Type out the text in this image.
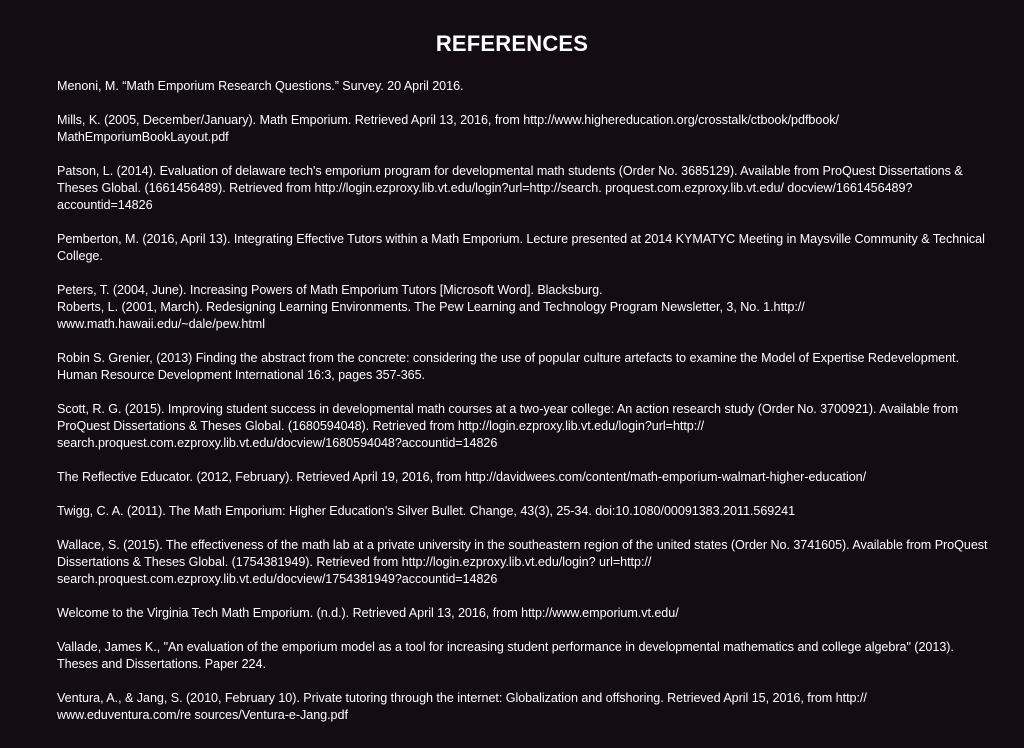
REFERENCES
Menoni, M. “Math Emporium Research Questions.” Survey. 20 April 2016.
Mills, K. (2005, December/January). Math Emporium. Retrieved April 13, 2016, from http://www.highereducation.org/crosstalk/ctbook/pdfbook/ MathEmporiumBookLayout.pdf
Patson, L. (2014). Evaluation of delaware tech's emporium program for developmental math students (Order No. 3685129). Available from ProQuest Dissertations & Theses Global. (1661456489). Retrieved from http://login.ezproxy.lib.vt.edu/login?url=http://search. proquest.com.ezproxy.lib.vt.edu/ docview/1661456489?accountid=14826
Pemberton, M. (2016, April 13). Integrating Effective Tutors within a Math Emporium. Lecture presented at 2014 KYMATYC Meeting in Maysville Community & Technical College.
Peters, T. (2004, June). Increasing Powers of Math Emporium Tutors [Microsoft Word]. Blacksburg.
Roberts, L. (2001, March). Redesigning Learning Environments. The Pew Learning and Technology Program Newsletter, 3, No. 1.http:// www.math.hawaii.edu/~dale/pew.html
Robin S. Grenier, (2013) Finding the abstract from the concrete: considering the use of popular culture artefacts to examine the Model of Expertise Redevelopment. Human Resource Development International 16:3, pages 357-365.
Scott, R. G. (2015). Improving student success in developmental math courses at a two-year college: An action research study (Order No. 3700921). Available from ProQuest Dissertations & Theses Global. (1680594048). Retrieved from http://login.ezproxy.lib.vt.edu/login?url=http:// search.proquest.com.ezproxy.lib.vt.edu/docview/1680594048?accountid=14826
The Reflective Educator. (2012, February). Retrieved April 19, 2016, from http://davidwees.com/content/math-emporium-walmart-higher-education/
Twigg, C. A. (2011). The Math Emporium: Higher Education's Silver Bullet. Change, 43(3), 25-34. doi:10.1080/00091383.2011.569241
Wallace, S. (2015). The effectiveness of the math lab at a private university in the southeastern region of the united states (Order No. 3741605). Available from ProQuest Dissertations & Theses Global. (1754381949). Retrieved from http://login.ezproxy.lib.vt.edu/login? url=http:// search.proquest.com.ezproxy.lib.vt.edu/docview/1754381949?accountid=14826
Welcome to the Virginia Tech Math Emporium. (n.d.). Retrieved April 13, 2016, from http://www.emporium.vt.edu/
Vallade, James K., "An evaluation of the emporium model as a tool for increasing student performance in developmental mathematics and college algebra" (2013). Theses and Dissertations. Paper 224.
Ventura, A., & Jang, S. (2010, February 10). Private tutoring through the internet: Globalization and offshoring. Retrieved April 15, 2016, from http:// www.eduventura.com/re sources/Ventura-e-Jang.pdf
